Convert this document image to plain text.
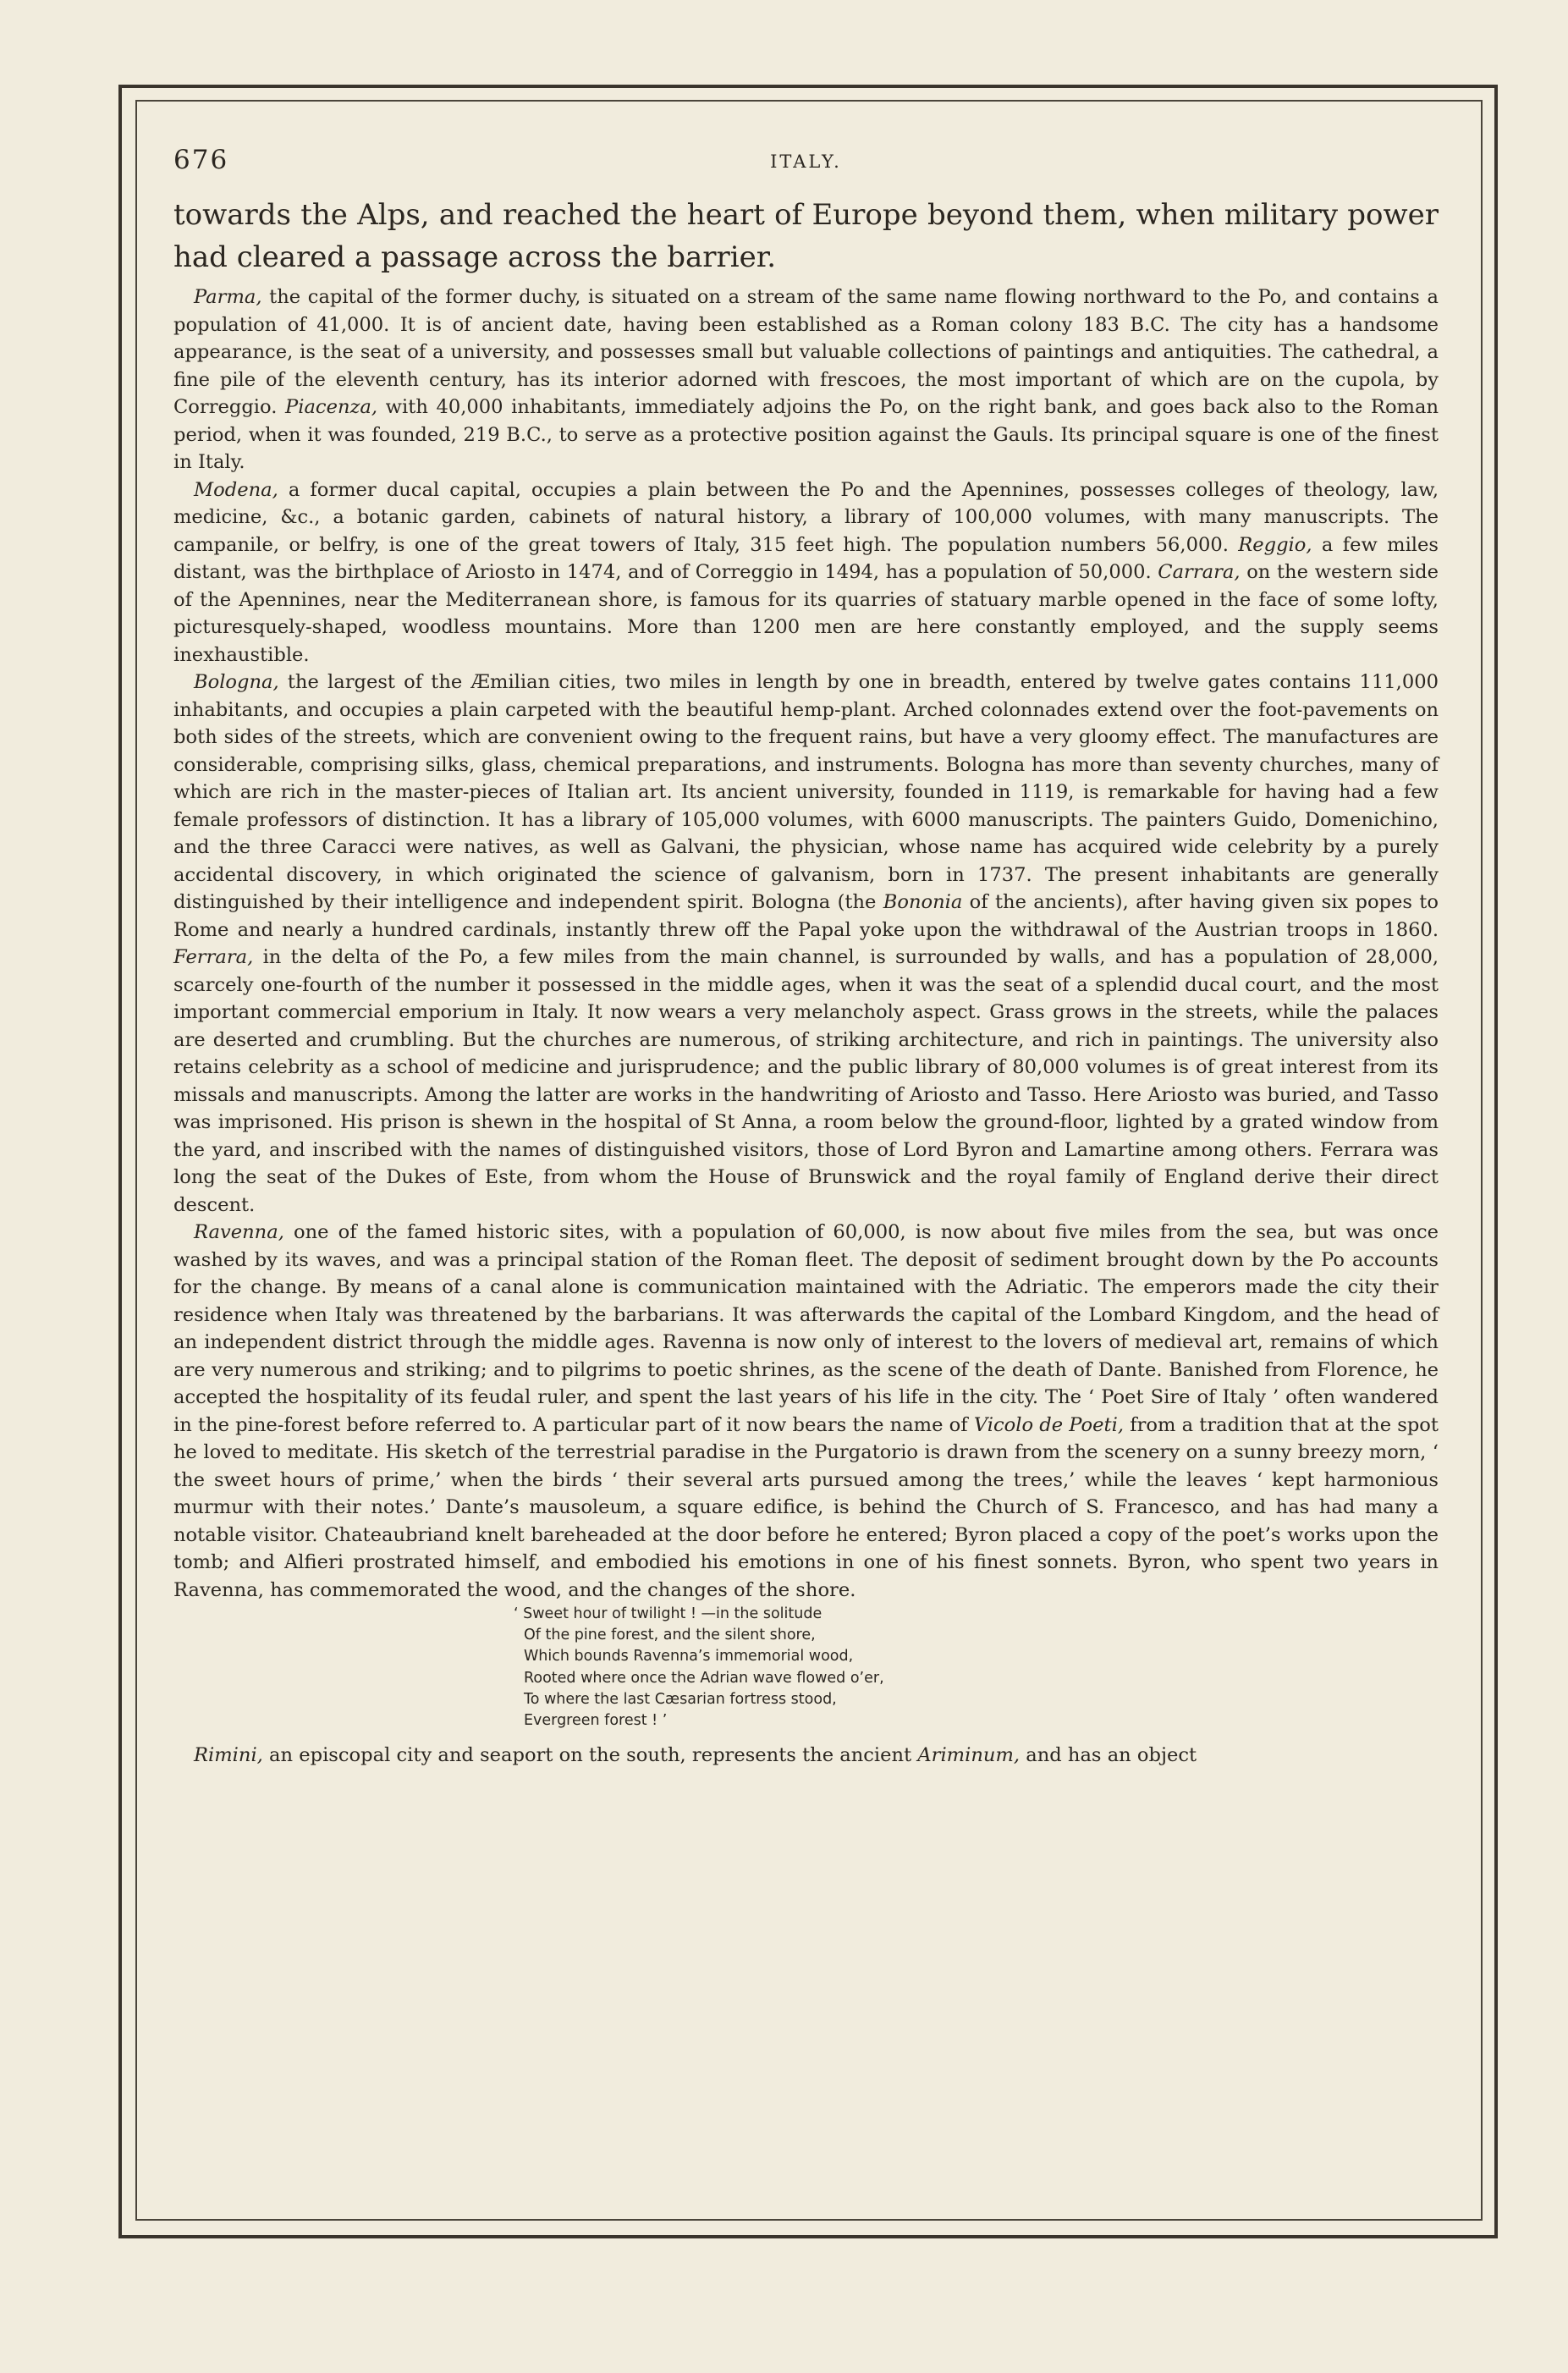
676	ITALY.

towards the Alps, and reached the heart of Europe beyond them, when military power had cleared a passage across the barrier.

Parma, the capital of the former duchy, is situated on a stream of the same name flowing northward to the Po, and contains a population of 41,000. It is of ancient date, having been established as a Roman colony 183 B.C. The city has a handsome appearance, is the seat of a university, and possesses small but valuable collections of paintings and antiquities. The cathedral, a fine pile of the eleventh century, has its interior adorned with frescoes, the most important of which are on the cupola, by Correggio. Piacenza, with 40,000 inhabitants, immediately adjoins the Po, on the right bank, and goes back also to the Roman period, when it was founded, 219 B.C., to serve as a protective position against the Gauls. Its principal square is one of the finest in Italy.

Modena, a former ducal capital, occupies a plain between the Po and the Apennines, possesses colleges of theology, law, medicine, &c., a botanic garden, cabinets of natural history, a library of 100,000 volumes, with many manuscripts. The campanile, or belfry, is one of the great towers of Italy, 315 feet high. The population numbers 56,000. Reggio, a few miles distant, was the birthplace of Ariosto in 1474, and of Correggio in 1494, has a population of 50,000. Carrara, on the western side of the Apennines, near the Mediterranean shore, is famous for its quarries of statuary marble opened in the face of some lofty, picturesquely-shaped, woodless mountains. More than 1200 men are here constantly employed, and the supply seems inexhaustible.

Bologna, the largest of the Æmilian cities, two miles in length by one in breadth, entered by twelve gates contains 111,000 inhabitants, and occupies a plain carpeted with the beautiful hemp-plant. Arched colonnades extend over the foot-pavements on both sides of the streets, which are convenient owing to the frequent rains, but have a very gloomy effect. The manufactures are considerable, comprising silks, glass, chemical preparations, and instruments. Bologna has more than seventy churches, many of which are rich in the master-pieces of Italian art. Its ancient university, founded in 1119, is remarkable for having had a few female professors of distinction. It has a library of 105,000 volumes, with 6000 manuscripts. The painters Guido, Domenichino, and the three Caracci were natives, as well as Galvani, the physician, whose name has acquired wide celebrity by a purely accidental discovery, in which originated the science of galvanism, born in 1737. The present inhabitants are generally distinguished by their intelligence and independent spirit. Bologna (the Bononia of the ancients), after having given six popes to Rome and nearly a hundred cardinals, instantly threw off the Papal yoke upon the withdrawal of the Austrian troops in 1860. Ferrara, in the delta of the Po, a few miles from the main channel, is surrounded by walls, and has a population of 28,000, scarcely one-fourth of the number it possessed in the middle ages, when it was the seat of a splendid ducal court, and the most important commercial emporium in Italy. It now wears a very melancholy aspect. Grass grows in the streets, while the palaces are deserted and crumbling. But the churches are numerous, of striking architecture, and rich in paintings. The university also retains celebrity as a school of medicine and jurisprudence; and the public library of 80,000 volumes is of great interest from its missals and manuscripts. Among the latter are works in the handwriting of Ariosto and Tasso. Here Ariosto was buried, and Tasso was imprisoned. His prison is shewn in the hospital of St Anna, a room below the ground-floor, lighted by a grated window from the yard, and inscribed with the names of distinguished visitors, those of Lord Byron and Lamartine among others. Ferrara was long the seat of the Dukes of Este, from whom the House of Brunswick and the royal family of England derive their direct descent.

Ravenna, one of the famed historic sites, with a population of 60,000, is now about five miles from the sea, but was once washed by its waves, and was a principal station of the Roman fleet. The deposit of sediment brought down by the Po accounts for the change. By means of a canal alone is communication maintained with the Adriatic. The emperors made the city their residence when Italy was threatened by the barbarians. It was afterwards the capital of the Lombard Kingdom, and the head of an independent district through the middle ages. Ravenna is now only of interest to the lovers of medieval art, remains of which are very numerous and striking; and to pilgrims to poetic shrines, as the scene of the death of Dante. Banished from Florence, he accepted the hospitality of its feudal ruler, and spent the last years of his life in the city. The ‘ Poet Sire of Italy ’ often wandered in the pine-forest before referred to. A particular part of it now bears the name of Vicolo de Poeti, from a tradition that at the spot he loved to meditate. His sketch of the terrestrial paradise in the Purgatorio is drawn from the scenery on a sunny breezy morn, ‘ the sweet hours of prime,’ when the birds ‘ their several arts pursued among the trees,’ while the leaves ‘ kept harmonious murmur with their notes.’ Dante’s mausoleum, a square edifice, is behind the Church of S. Francesco, and has had many a notable visitor. Chateaubriand knelt bareheaded at the door before he entered; Byron placed a copy of the poet’s works upon the tomb; and Alfieri prostrated himself, and embodied his emotions in one of his finest sonnets. Byron, who spent two years in Ravenna, has commemorated the wood, and the changes of the shore.

‘ Sweet hour of twilight ! —in the solitude
Of the pine forest, and the silent shore,
Which bounds Ravenna’s immemorial wood,
Rooted where once the Adrian wave flowed o’er,
To where the last Cæsarian fortress stood,
Evergreen forest ! ’

Rimini, an episcopal city and seaport on the south, represents the ancient Ariminum, and has an object
